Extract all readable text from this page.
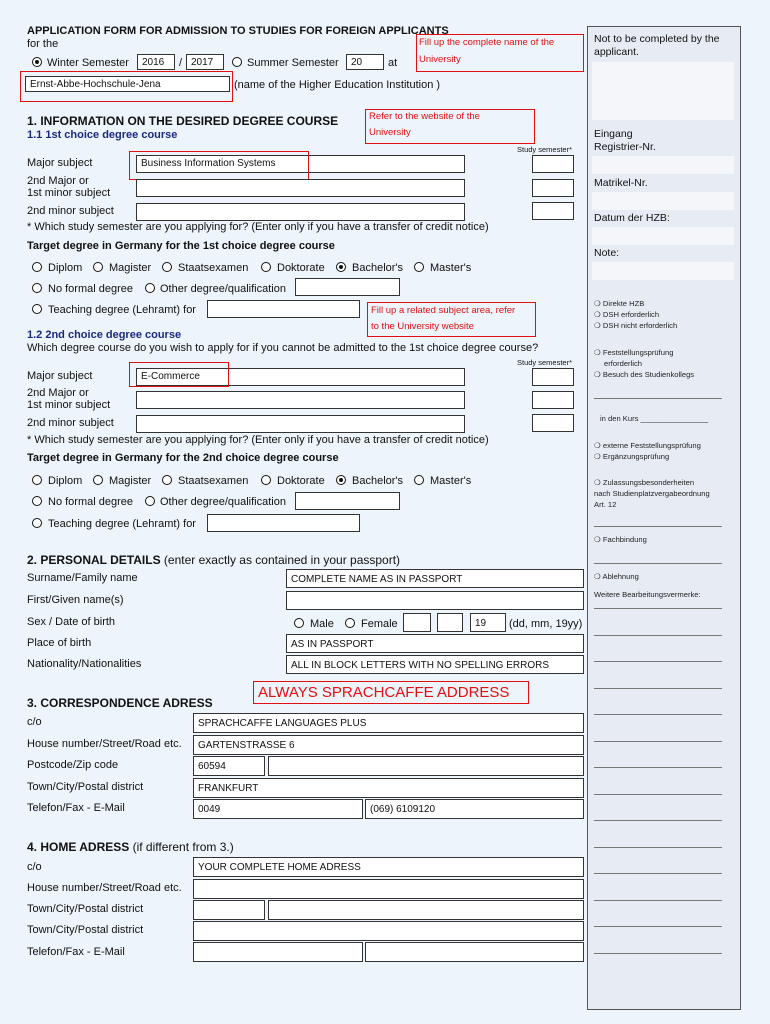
APPLICATION FORM FOR ADMISSION TO STUDIES FOR FOREIGN APPLICANTS
for the
Winter Semester	2016	/ 2017	Summer Semester	20	at
Fill up the complete name of the
University
Ernst-Abbe-Hochschule-Jena	(name of the Higher Education Institution )
1. INFORMATION ON THE DESIRED DEGREE COURSE
1.1 1st choice degree course
Refer to the website of the
University
Study semester*
Major subject	Business Information Systems
2nd Major or
1st minor subject
2nd minor subject
* Which study semester are you applying for? (Enter only if you have a transfer of credit notice)
Target degree in Germany for the 1st choice degree course
Diplom Magister Staatsexamen	Doktorate Bachelor's Master's
No formal degree Other degree/qualification
Teaching degree (Lehramt) for	Fill up a related subject area, refer
to the University website
1.2 2nd choice degree course
Which degree course do you wish to apply for if you cannot be admitted to the 1st choice degree course?
Study semester*
Major subject	E-Commerce
2nd Major or
1st minor subject
2nd minor subject
* Which study semester are you applying for? (Enter only if you have a transfer of credit notice)
Target degree in Germany for the 2nd choice degree course
Diplom Magister Staatsexamen	Doktorate Bachelor's Master's
No formal degree Other degree/qualification
Teaching degree (Lehramt) for
2. PERSONAL DETAILS (enter exactly as contained in your passport)
Surname/Family name	COMPLETE NAME AS IN PASSPORT
First/Given name(s)
Sex / Date of birth	Male Female	19	(dd, mm, 19yy)
Place of birth	AS IN PASSPORT
Nationality/Nationalities	ALL IN BLOCK LETTERS WITH NO SPELLING ERRORS
ALWAYS SPRACHCAFFE ADDRESS
3. CORRESPONDENCE ADRESS
c/o	SPRACHCAFFE LANGUAGES PLUS
House number/Street/Road etc.	GARTENSTRASSE 6
Postcode/Zip code	60594
Town/City/Postal district	FRANKFURT
Telefon/Fax - E-Mail	0049	(069) 6109120
4. HOME ADRESS (if different from 3.)
c/o	YOUR COMPLETE HOME ADRESS
House number/Street/Road etc.
Town/City/Postal district
Town/City/Postal district
Telefon/Fax - E-Mail
Not to be completed by the
applicant.
Eingang
Registrier-Nr.
Matrikel-Nr.
Datum der HZB:
Note:
❍ Direkte HZB
❍ DSH erforderlich
❍ DSH nicht erforderlich
❍ Feststellungsprüfung
erforderlich
❍ Besuch des Studienkollegs
in den Kurs ________________
❍ externe Feststellungsprüfung
❍ Ergänzungsprüfung
❍ Zulassungsbesonderheiten
nach Studienplatzvergabeordnung
Art. 12
❍ Fachbindung
❍ Ablehnung
Weitere Bearbeitungsvermerke:
